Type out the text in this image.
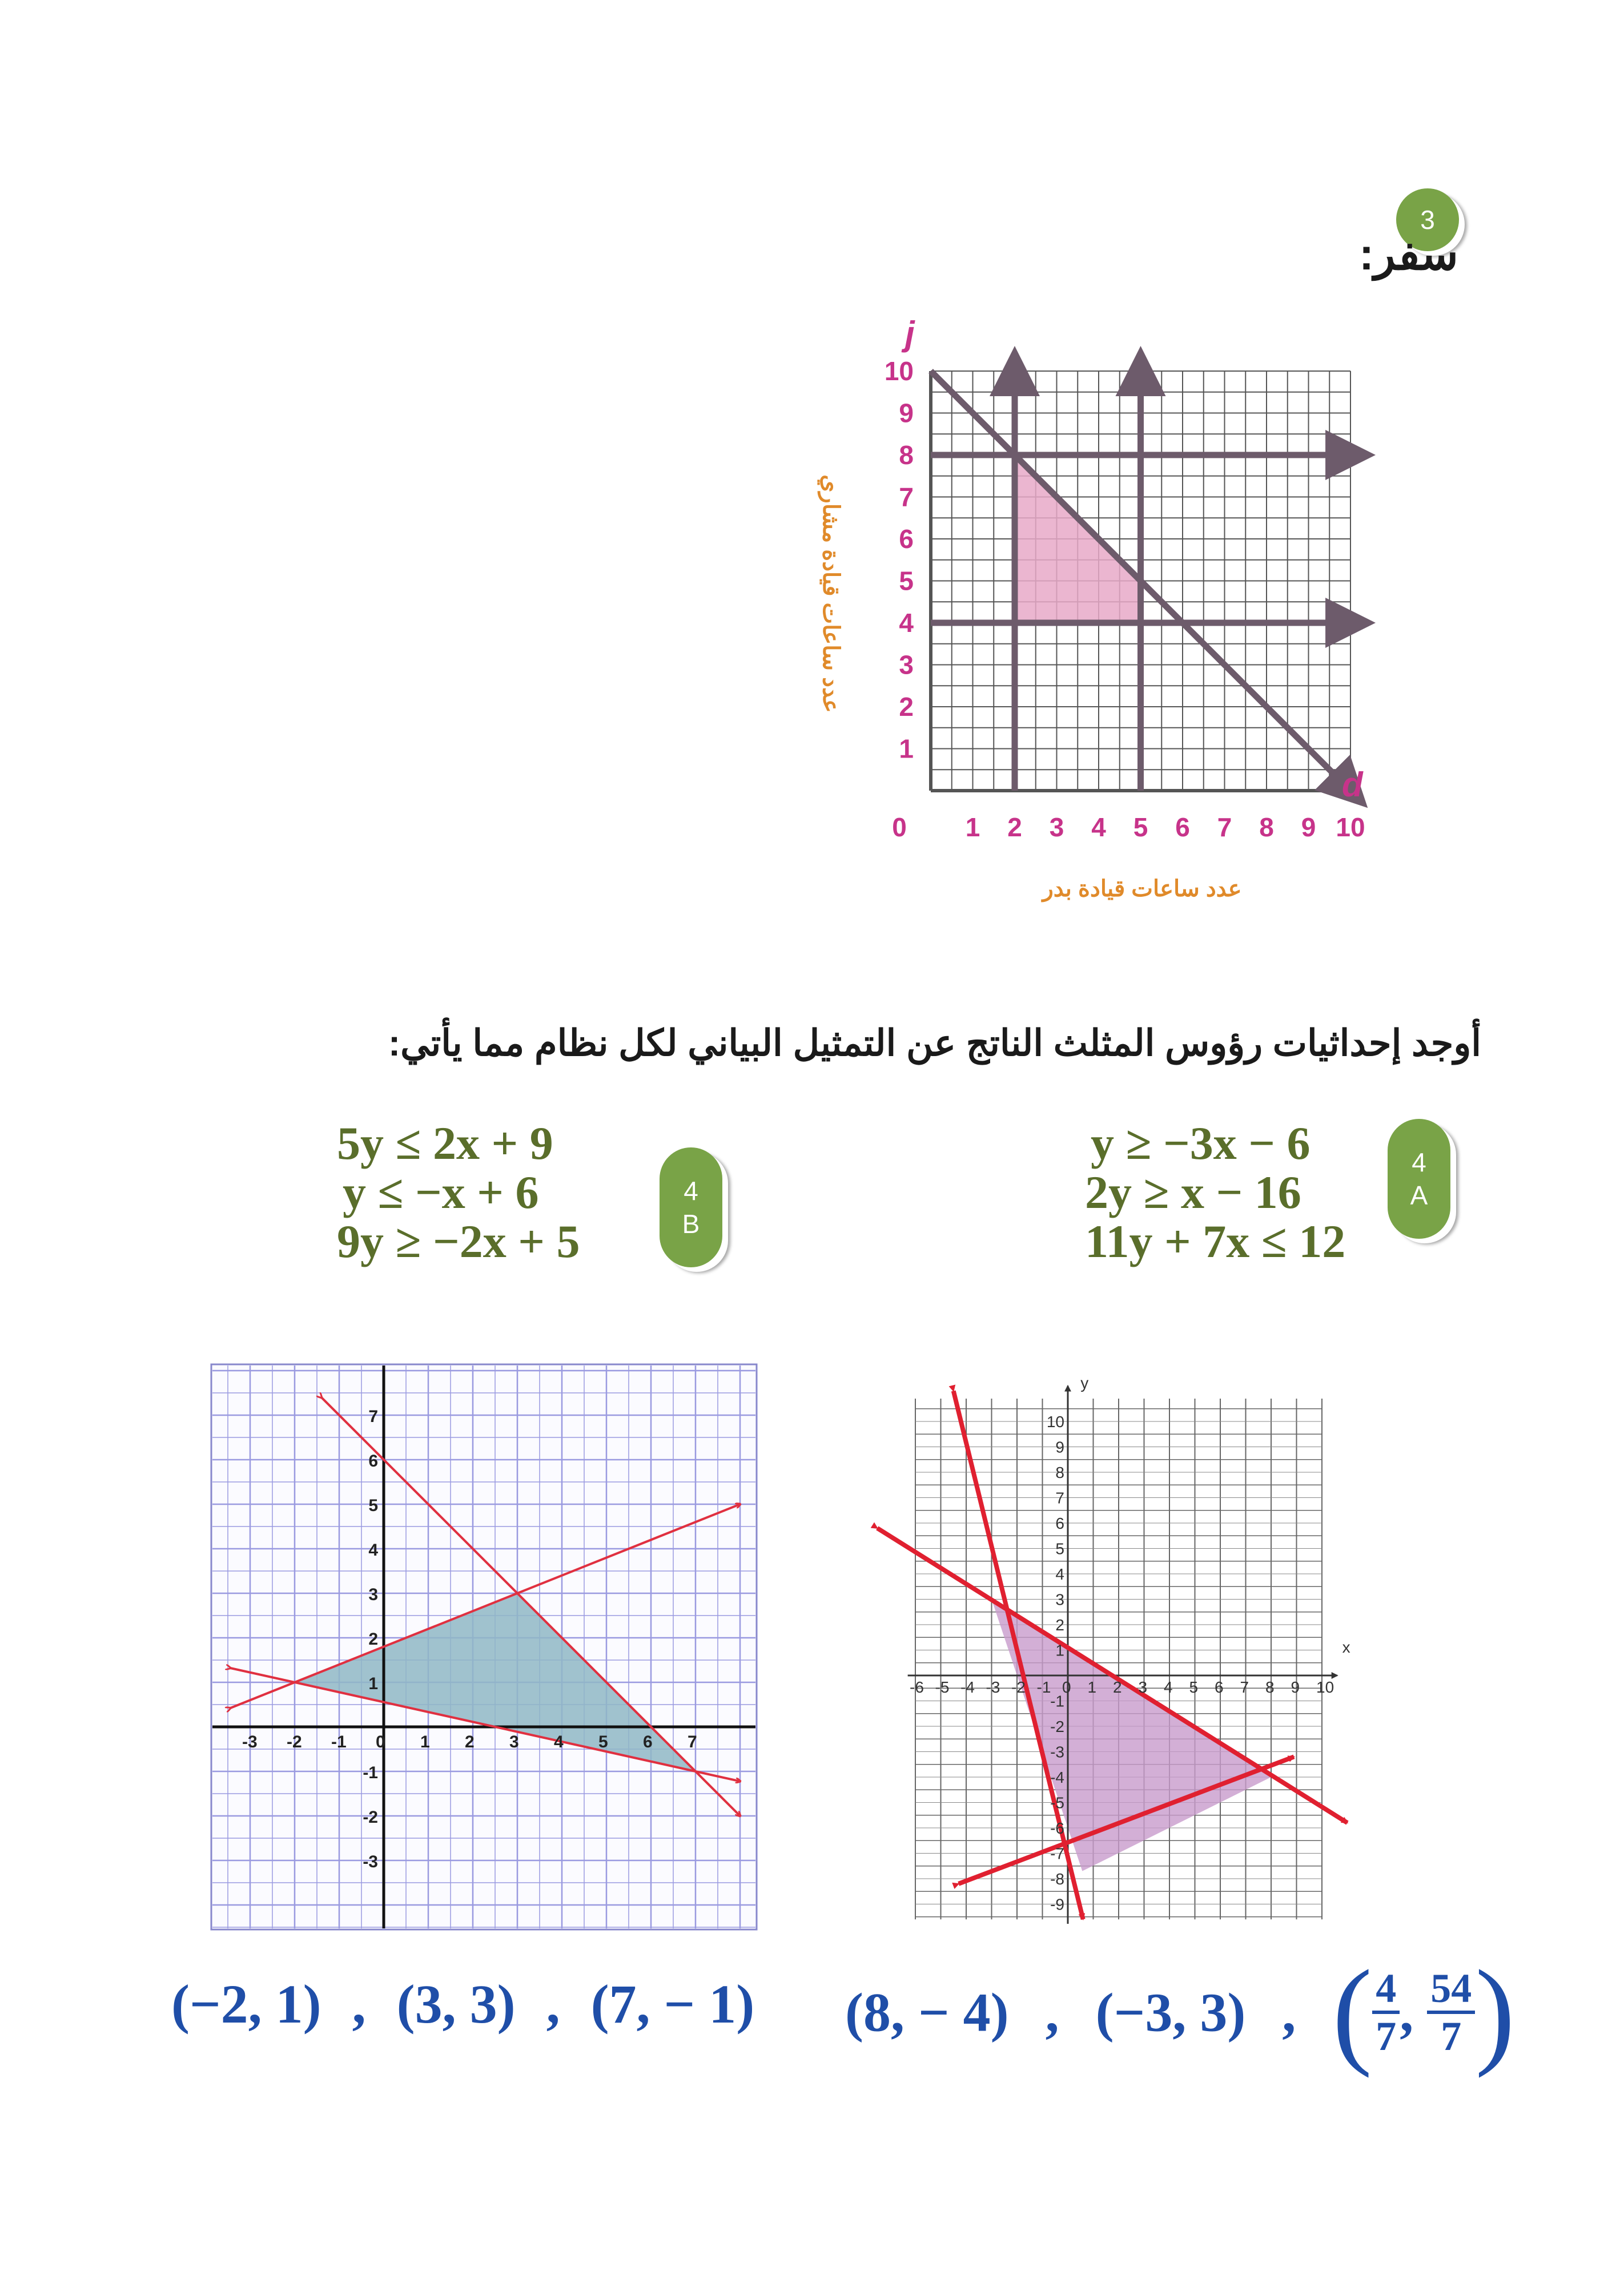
3
سفر:
0 1 2 3 4 5 6 7 8 9 10
1
2
3
4
5
6
7
8
9
10
j
d
عدد ساعات قيادة بدر
عدد ساعات قيادة مشاري
أوجد إحداثيات رؤوس المثلث الناتج عن التمثيل البياني لكل نظام مما يأتي:
5y ≤ 2x + 9
y ≤ −x + 6
9y ≥ −2x + 5
4
B
y ≥ −3x − 6
2y ≥ x − 16
11y + 7x ≤ 12
4
A
-3 -2 -1 0 1 2 3 4 5 6 7
7
6
5
4
3
2
1
-1
-2
-3
x
y
-6 -5 -4 -3 -2 -1 0 1 2 3 4 5 6 7 8 9 10
10
9
8
7
6
5
4
3
2
1
-1
-2
-3
-4
-5
-6
-7
-8
-9
(−2, 1) , (3, 3) , (7, − 1) (8, − 4) , (−3, 3) , ( $\frac{4}{7}$ , $\frac{54}{7}$ )
